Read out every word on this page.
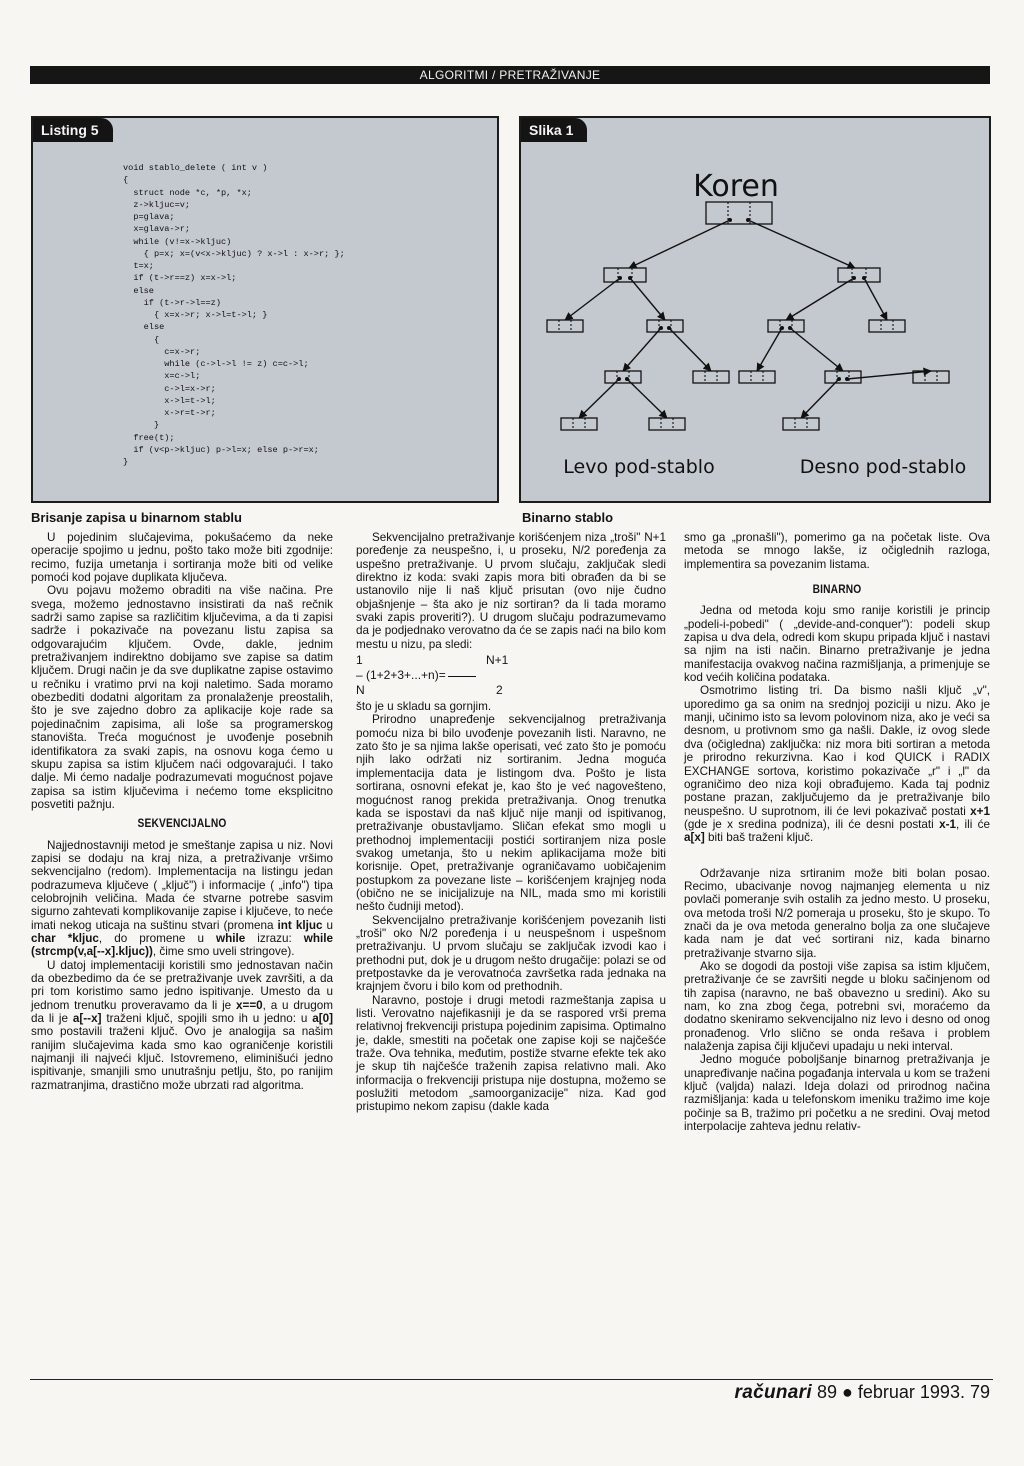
ALGORITMI / PRETRAŽIVANJE
Listing 5
void stablo_delete ( int v )
{
struct node *c, *p, *x;
z->kljuc=v;
p=glava;
x=glava->r;
while (v!=x->kljuc)
{ p=x; x=(v<x->kljuc) ? x->l : x->r; };
t=x;
if (t->r==z) x=x->l;
else
if (t->r->l==z)
{ x=x->r; x->l=t->l; }
else
{
c=x->r;
while (c->l->l != z) c=c->l;
x=c->l;
c->l=x->r;
x->l=t->l;
x->r=t->r;
}
free(t);
if (v<p->kljuc) p->l=x; else p->r=x;
}
Brisanje zapisa u binarnom stablu
Slika 1
Koren
Levo pod-stablo	Desno pod-stablo
Binarno stablo

U pojedinim slučajevima, pokušaćemo da neke operacije spojimo u jednu, pošto tako može biti zgodnije: recimo, fuzija umetanja i sortiranja može biti od velike pomoći kod pojave duplikata ključeva.

Ovu pojavu možemo obraditi na više načina. Pre svega, možemo jednostavno insistirati da naš rečnik sadrži samo zapise sa različitim ključevima, a da ti zapisi sadrže i pokazivače na povezanu listu zapisa sa odgovarajućim ključem. Ovde, dakle, jednim pretraživanjem indirektno dobijamo sve zapise sa datim ključem. Drugi način je da sve duplikatne zapise ostavimo u rečniku i vratimo prvi na koji naletimo. Sada moramo obezbediti dodatni algoritam za pronalaženje preostalih, što je sve zajedno dobro za aplikacije koje rade sa pojedinačnim zapisima, ali loše sa programerskog stanovišta. Treća mogućnost je uvođenje posebnih identifikatora za svaki zapis, na osnovu koga ćemo u skupu zapisa sa istim ključem naći odgovarajući. I tako dalje. Mi ćemo nadalje podrazumevati mogućnost pojave zapisa sa istim ključevima i nećemo tome eksplicitno posvetiti pažnju.

SEKVENCIJALNO

Najjednostavniji metod je smeštanje zapisa u niz. Novi zapisi se dodaju na kraj niza, a pretraživanje vršimo sekvencijalno (redom). Implementacija na listingu jedan podrazumeva ključeve ( „ključ") i informacije ( „info") tipa celobrojnih veličina. Mada će stvarne potrebe sasvim sigurno zahtevati komplikovanije zapise i ključeve, to neće imati nekog uticaja na suštinu stvari (promena int kljuc u char *kljuc, do promene u while izrazu: while (strcmp(v,a[--x].kljuc)), čime smo uveli stringove).

U datoj implementaciji koristili smo jednostavan način da obezbedimo da će se pretraživanje uvek završiti, a da pri tom koristimo samo jedno ispitivanje. Umesto da u jednom trenutku proveravamo da li je x==0, a u drugom da li je a[--x] traženi ključ, spojili smo ih u jedno: u a[0] smo postavili traženi ključ. Ovo je analogija sa našim ranijim slučajevima kada smo kao ograničenje koristili najmanji ili najveći ključ. Istovremeno, eliminišući jedno ispitivanje, smanjili smo unutrašnju petlju, što, po ranijim razmatranjima, drastično može ubrzati rad algoritma.

Sekvencijalno pretraživanje korišćenjem niza „troši" N+1 poređenje za neuspešno, i, u proseku, N/2 poređenja za uspešno pretraživanje. U prvom slučaju, zaključak sledi direktno iz koda: svaki zapis mora biti obrađen da bi se ustanovilo nije li naš ključ prisutan (ovo nije čudno objašnjenje – šta ako je niz sortiran? da li tada moramo svaki zapis proveriti?). U drugom slučaju podrazumevamo da je podjednako verovatno da će se zapis naći na bilo kom mestu u nizu, pa sledi:

1	N+1
– (1+2+3+...+n)=
N	2

što je u skladu sa gornjim.

Prirodno unapređenje sekvencijalnog pretraživanja pomoću niza bi bilo uvođenje povezanih listi. Naravno, ne zato što je sa njima lakše operisati, već zato što je pomoću njih lako održati niz sortiranim. Jedna moguća implementacija data je listingom dva. Pošto je lista sortirana, osnovni efekat je, kao što je već nagovešteno, mogućnost ranog prekida pretraživanja. Onog trenutka kada se ispostavi da naš ključ nije manji od ispitivanog, pretraživanje obustavljamo. Sličan efekat smo mogli u prethodnoj implementaciji postići sortiranjem niza posle svakog umetanja, što u nekim aplikacijama može biti korisnije. Opet, pretraživanje ograničavamo uobičajenim postupkom za povezane liste – korišćenjem krajnjeg noda (obično ne se inicijalizuje na NIL, mada smo mi koristili nešto čudniji metod).

Sekvencijalno pretraživanje korišćenjem povezanih listi „troši" oko N/2 poređenja i u neuspešnom i uspešnom pretraživanju. U prvom slučaju se zaključak izvodi kao i prethodni put, dok je u drugom nešto drugačije: polazi se od pretpostavke da je verovatnoća završetka rada jednaka na krajnjem čvoru i bilo kom od prethodnih.

Naravno, postoje i drugi metodi razmeštanja zapisa u listi. Verovatno najefikasniji je da se raspored vrši prema relativnoj frekvenciji pristupa pojedinim zapisima. Optimalno je, dakle, smestiti na početak one zapise koji se najčešće traže. Ova tehnika, međutim, postiže stvarne efekte tek ako je skup tih najčešće traženih zapisa relativno mali. Ako informacija o frekvenciji pristupa nije dostupna, možemo se poslužiti metodom „samoorganizacije" niza. Kad god pristupimo nekom zapisu (dakle kada

smo ga „pronašli"), pomerimo ga na početak liste. Ova metoda se mnogo lakše, iz očiglednih razloga, implementira sa povezanim listama.

BINARNO

Jedna od metoda koju smo ranije koristili je princip „podeli-i-pobedi" ( „devide-and-conquer"): podeli skup zapisa u dva dela, odredi kom skupu pripada ključ i nastavi sa njim na isti način. Binarno pretraživanje je jedna manifestacija ovakvog načina razmišljanja, a primenjuje se kod većih količina podataka.

Osmotrimo listing tri. Da bismo našli ključ „v", uporedimo ga sa onim na srednjoj poziciji u nizu. Ako je manji, učinimo isto sa levom polovinom niza, ako je veći sa desnom, u protivnom smo ga našli. Dakle, iz ovog slede dva (očigledna) zaključka: niz mora biti sortiran a metoda je prirodno rekurzivna. Kao i kod QUICK i RADIX EXCHANGE sortova, koristimo pokazivače „r" i „l" da ograničimo deo niza koji obrađujemo. Kada taj podniz postane prazan, zaključujemo da je pretraživanje bilo neuspešno. U suprotnom, ili će levi pokazivač postati x+1 (gde je x sredina podniza), ili će desni postati x-1, ili će a[x] biti baš traženi ključ.

Održavanje niza srtiranim može biti bolan posao. Recimo, ubacivanje novog najmanjeg elementa u niz povlači pomeranje svih ostalih za jedno mesto. U proseku, ova metoda troši N/2 pomeraja u proseku, što je skupo. To znači da je ova metoda generalno bolja za one slučajeve kada nam je dat već sortirani niz, kada binarno pretraživanje stvarno sija.

Ako se dogodi da postoji više zapisa sa istim ključem, pretraživanje će se završiti negde u bloku sačinjenom od tih zapisa (naravno, ne baš obavezno u sredini). Ako su nam, ko zna zbog čega, potrebni svi, moraćemo da dodatno skeniramo sekvencijalno niz levo i desno od onog pronađenog. Vrlo slično se onda rešava i problem nalaženja zapisa čiji ključevi upadaju u neki interval.

Jedno moguće poboljšanje binarnog pretraživanja je unapređivanje načina pogađanja intervala u kom se traženi ključ (valjda) nalazi. Ideja dolazi od prirodnog načina razmišljanja: kada u telefonskom imeniku tražimo ime koje počinje sa B, tražimo pri početku a ne sredini. Ovaj metod interpolacije zahteva jednu relativ-

računari 89 ● februar 1993. 79
